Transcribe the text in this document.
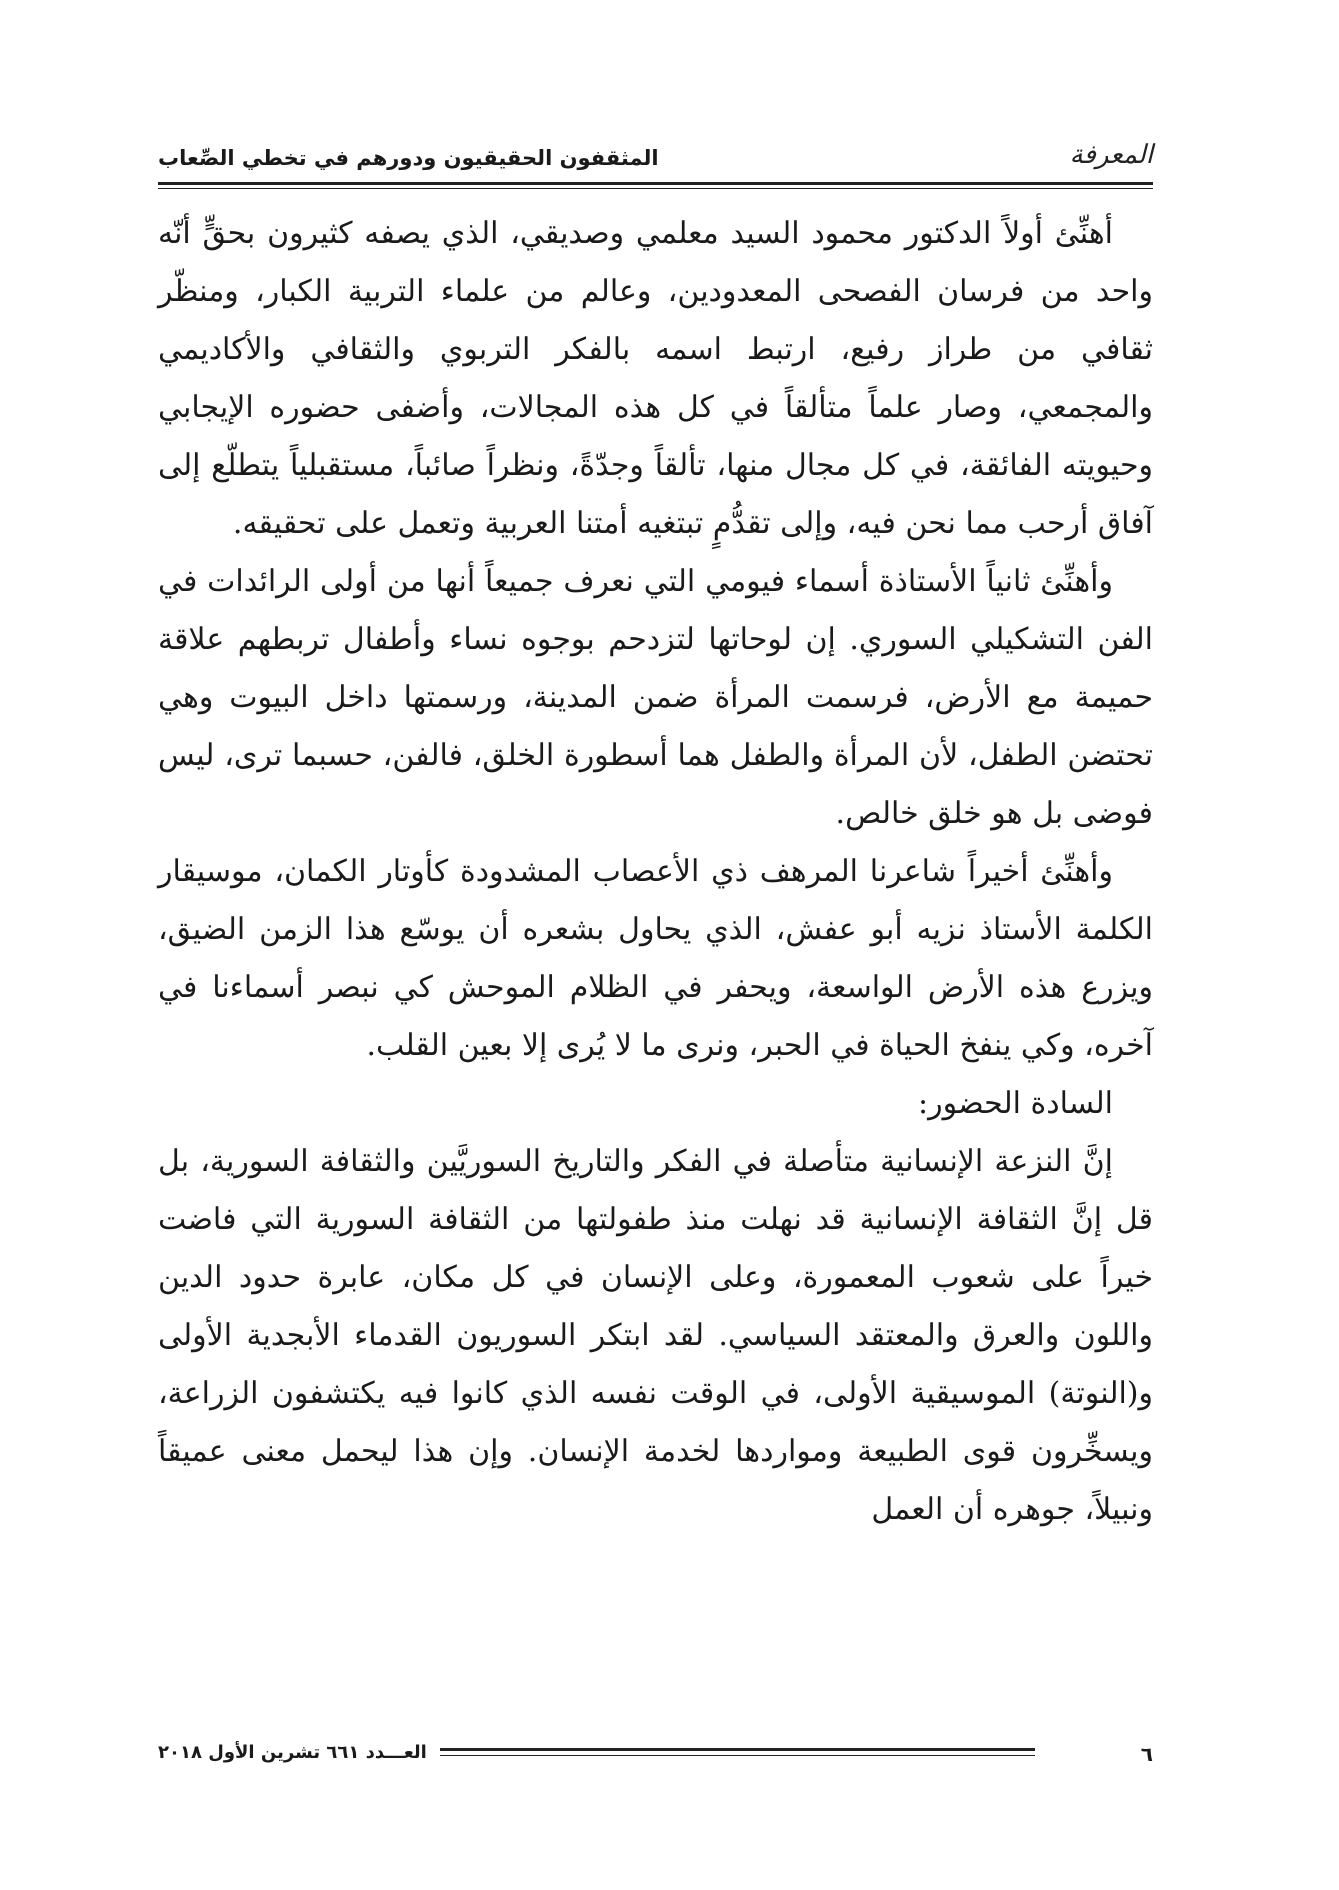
المعرفة
المثقفون الحقيقيون ودورهم في تخطي الصِّعاب

أهنِّئ أولاً الدكتور محمود السيد معلمي وصديقي، الذي يصفه كثيرون بحقٍّ أنّه واحد من فرسان الفصحى المعدودين، وعالم من علماء التربية الكبار، ومنظّر ثقافي من طراز رفيع، ارتبط اسمه بالفكر التربوي والثقافي والأكاديمي والمجمعي، وصار علماً متألقاً في كل هذه المجالات، وأضفى حضوره الإيجابي وحيويته الفائقة، في كل مجال منها، تألقاً وجدّةً، ونظراً صائباً، مستقبلياً يتطلّع إلى آفاق أرحب مما نحن فيه، وإلى تقدُّمٍ تبتغيه أمتنا العربية وتعمل على تحقيقه.

وأهنِّئ ثانياً الأستاذة أسماء فيومي التي نعرف جميعاً أنها من أولى الرائدات في الفن التشكيلي السوري. إن لوحاتها لتزدحم بوجوه نساء وأطفال تربطهم علاقة حميمة مع الأرض، فرسمت المرأة ضمن المدينة، ورسمتها داخل البيوت وهي تحتضن الطفل، لأن المرأة والطفل هما أسطورة الخلق، فالفن، حسبما ترى، ليس فوضى بل هو خلق خالص.

وأهنِّئ أخيراً شاعرنا المرهف ذي الأعصاب المشدودة كأوتار الكمان، موسيقار الكلمة الأستاذ نزيه أبو عفش، الذي يحاول بشعره أن يوسّع هذا الزمن الضيق، ويزرع هذه الأرض الواسعة، ويحفر في الظلام الموحش كي نبصر أسماءنا في آخره، وكي ينفخ الحياة في الحبر، ونرى ما لا يُرى إلا بعين القلب.

السادة الحضور:

إنَّ النزعة الإنسانية متأصلة في الفكر والتاريخ السوريَّين والثقافة السورية، بل قل إنَّ الثقافة الإنسانية قد نهلت منذ طفولتها من الثقافة السورية التي فاضت خيراً على شعوب المعمورة، وعلى الإنسان في كل مكان، عابرة حدود الدين واللون والعرق والمعتقد السياسي. لقد ابتكر السوريون القدماء الأبجدية الأولى و(النوتة) الموسيقية الأولى، في الوقت نفسه الذي كانوا فيه يكتشفون الزراعة، ويسخِّرون قوى الطبيعة ومواردها لخدمة الإنسان. وإن هذا ليحمل معنى عميقاً ونبيلاً، جوهره أن العمل

٦
العـــدد ٦٦١ تشرين الأول ٢٠١٨
